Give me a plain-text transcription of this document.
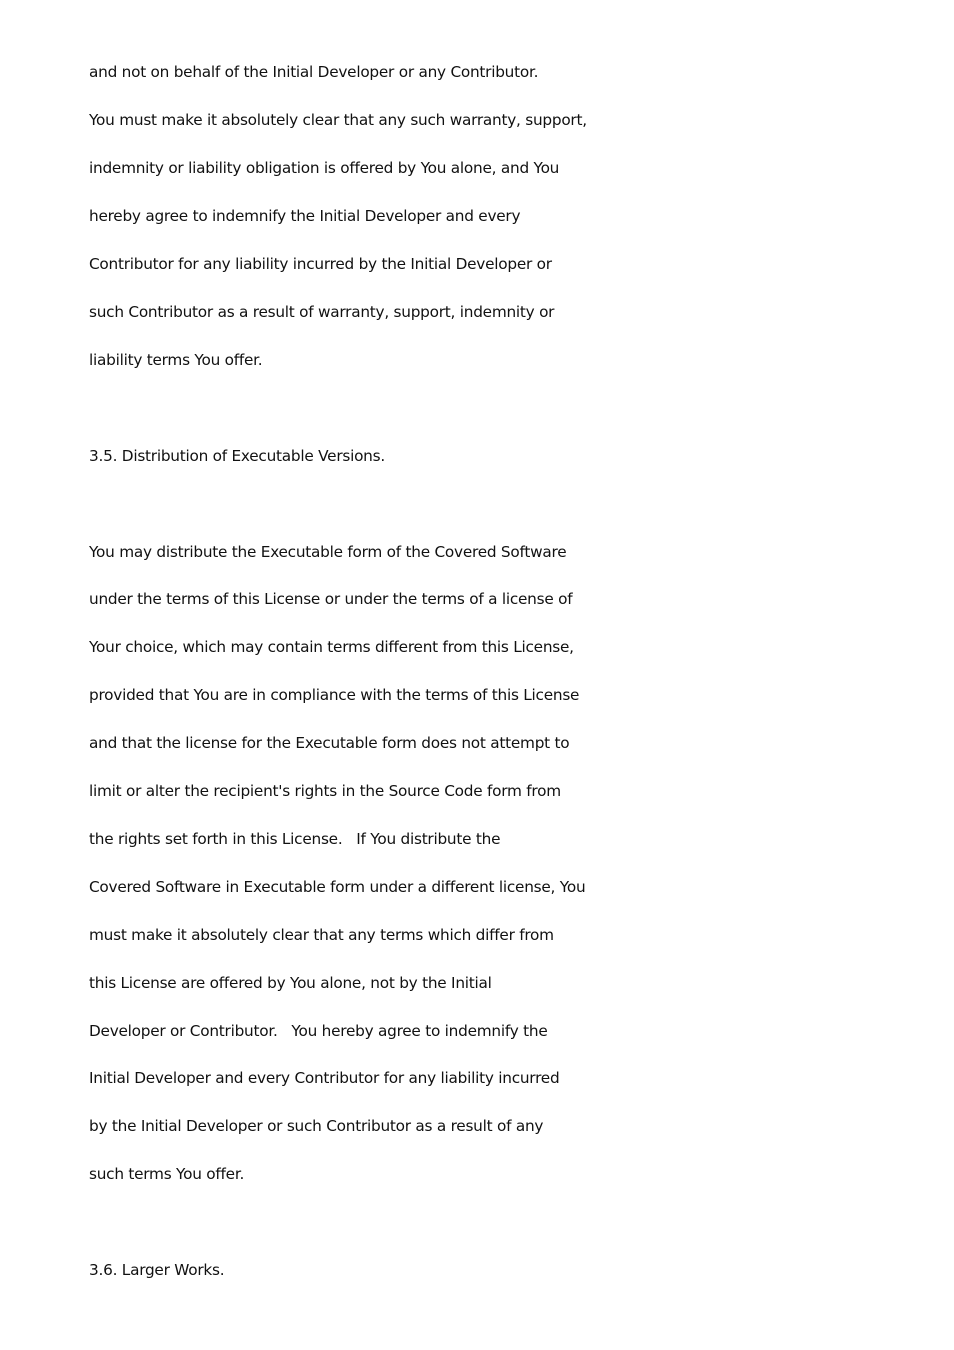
and not on behalf of the Initial Developer or any Contributor.

You must make it absolutely clear that any such warranty, support,

indemnity or liability obligation is offered by You alone, and You

hereby agree to indemnify the Initial Developer and every

Contributor for any liability incurred by the Initial Developer or

such Contributor as a result of warranty, support, indemnity or

liability terms You offer.

3.5. Distribution of Executable Versions.

You may distribute the Executable form of the Covered Software

under the terms of this License or under the terms of a license of

Your choice, which may contain terms different from this License,

provided that You are in compliance with the terms of this License

and that the license for the Executable form does not attempt to

limit or alter the recipient's rights in the Source Code form from

the rights set forth in this License.   If You distribute the

Covered Software in Executable form under a different license, You

must make it absolutely clear that any terms which differ from

this License are offered by You alone, not by the Initial

Developer or Contributor.   You hereby agree to indemnify the

Initial Developer and every Contributor for any liability incurred

by the Initial Developer or such Contributor as a result of any

such terms You offer.

3.6. Larger Works.
